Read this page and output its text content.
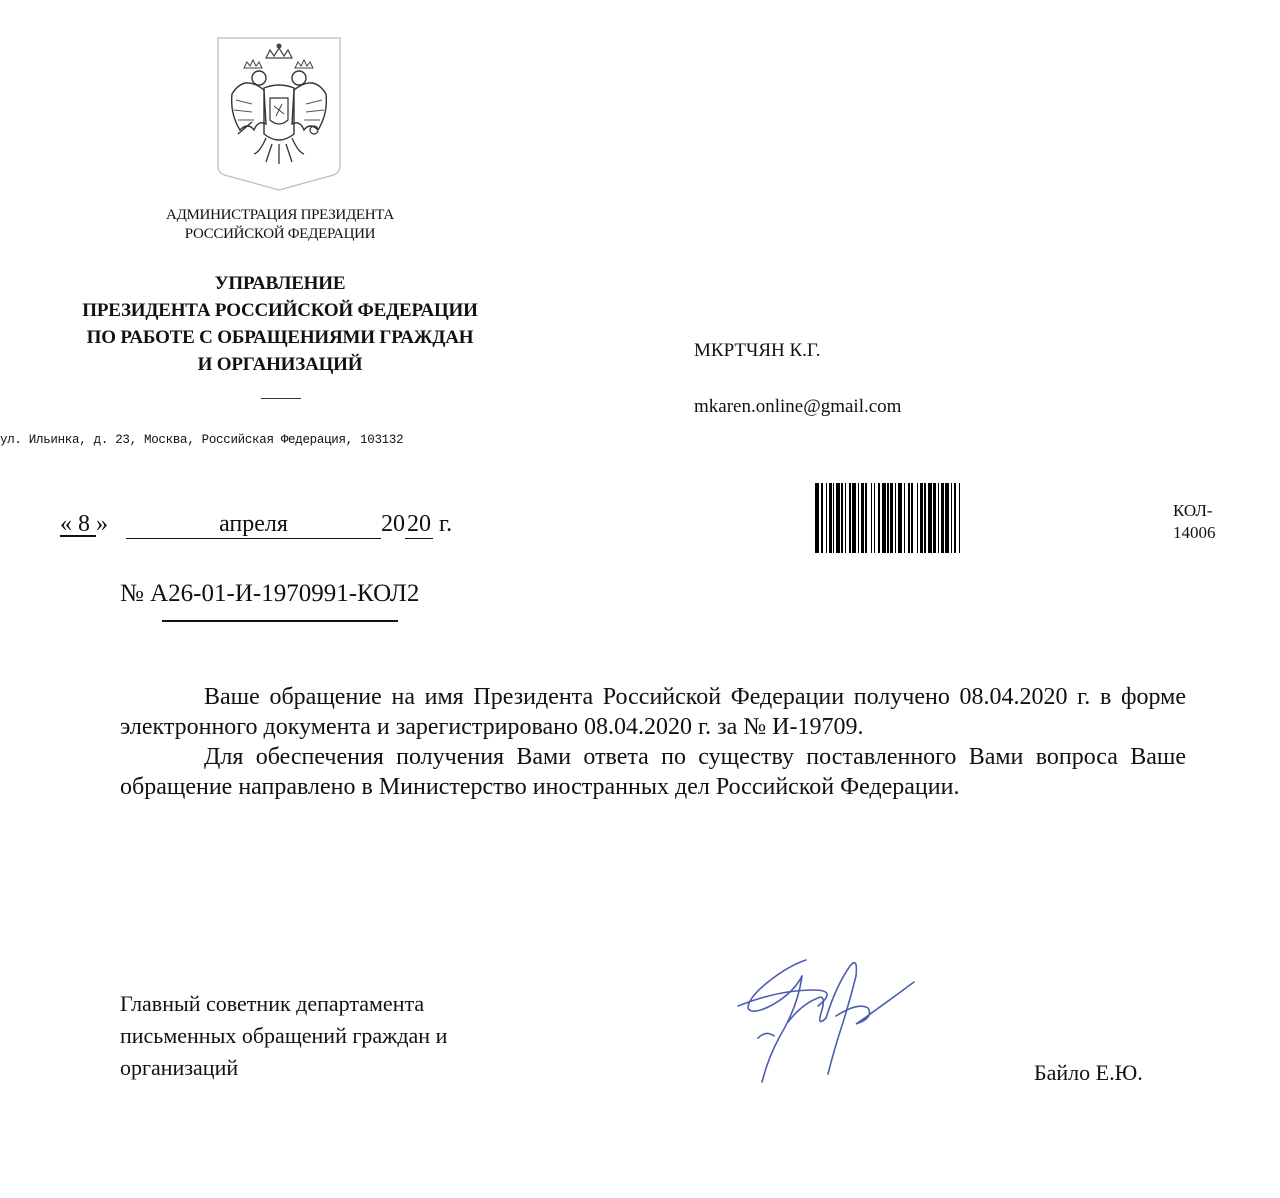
АДМИНИСТРАЦИЯ ПРЕЗИДЕНТА
РОССИЙСКОЙ ФЕДЕРАЦИИ
УПРАВЛЕНИЕ
ПРЕЗИДЕНТА РОССИЙСКОЙ ФЕДЕРАЦИИ
ПО РАБОТЕ С ОБРАЩЕНИЯМИ ГРАЖДАН
И ОРГАНИЗАЦИЙ
ул. Ильинка, д. 23, Москва, Российская Федерация, 103132
МКРТЧЯН К.Г.
mkaren.online@gmail.com
КОЛ-
14006
« 8 »	апреля	2020 г.
№ А26-01-И-1970991-КОЛ2

Ваше обращение на имя Президента Российской Федерации получено 08.04.2020 г. в форме электронного документа и зарегистрировано 08.04.2020 г. за № И-19709.

Для обеспечения получения Вами ответа по существу поставленного Вами вопроса Ваше обращение направлено в Министерство иностранных дел Российской Федерации.

Главный советник департамента
письменных обращений граждан и
организаций	Байло Е.Ю.
